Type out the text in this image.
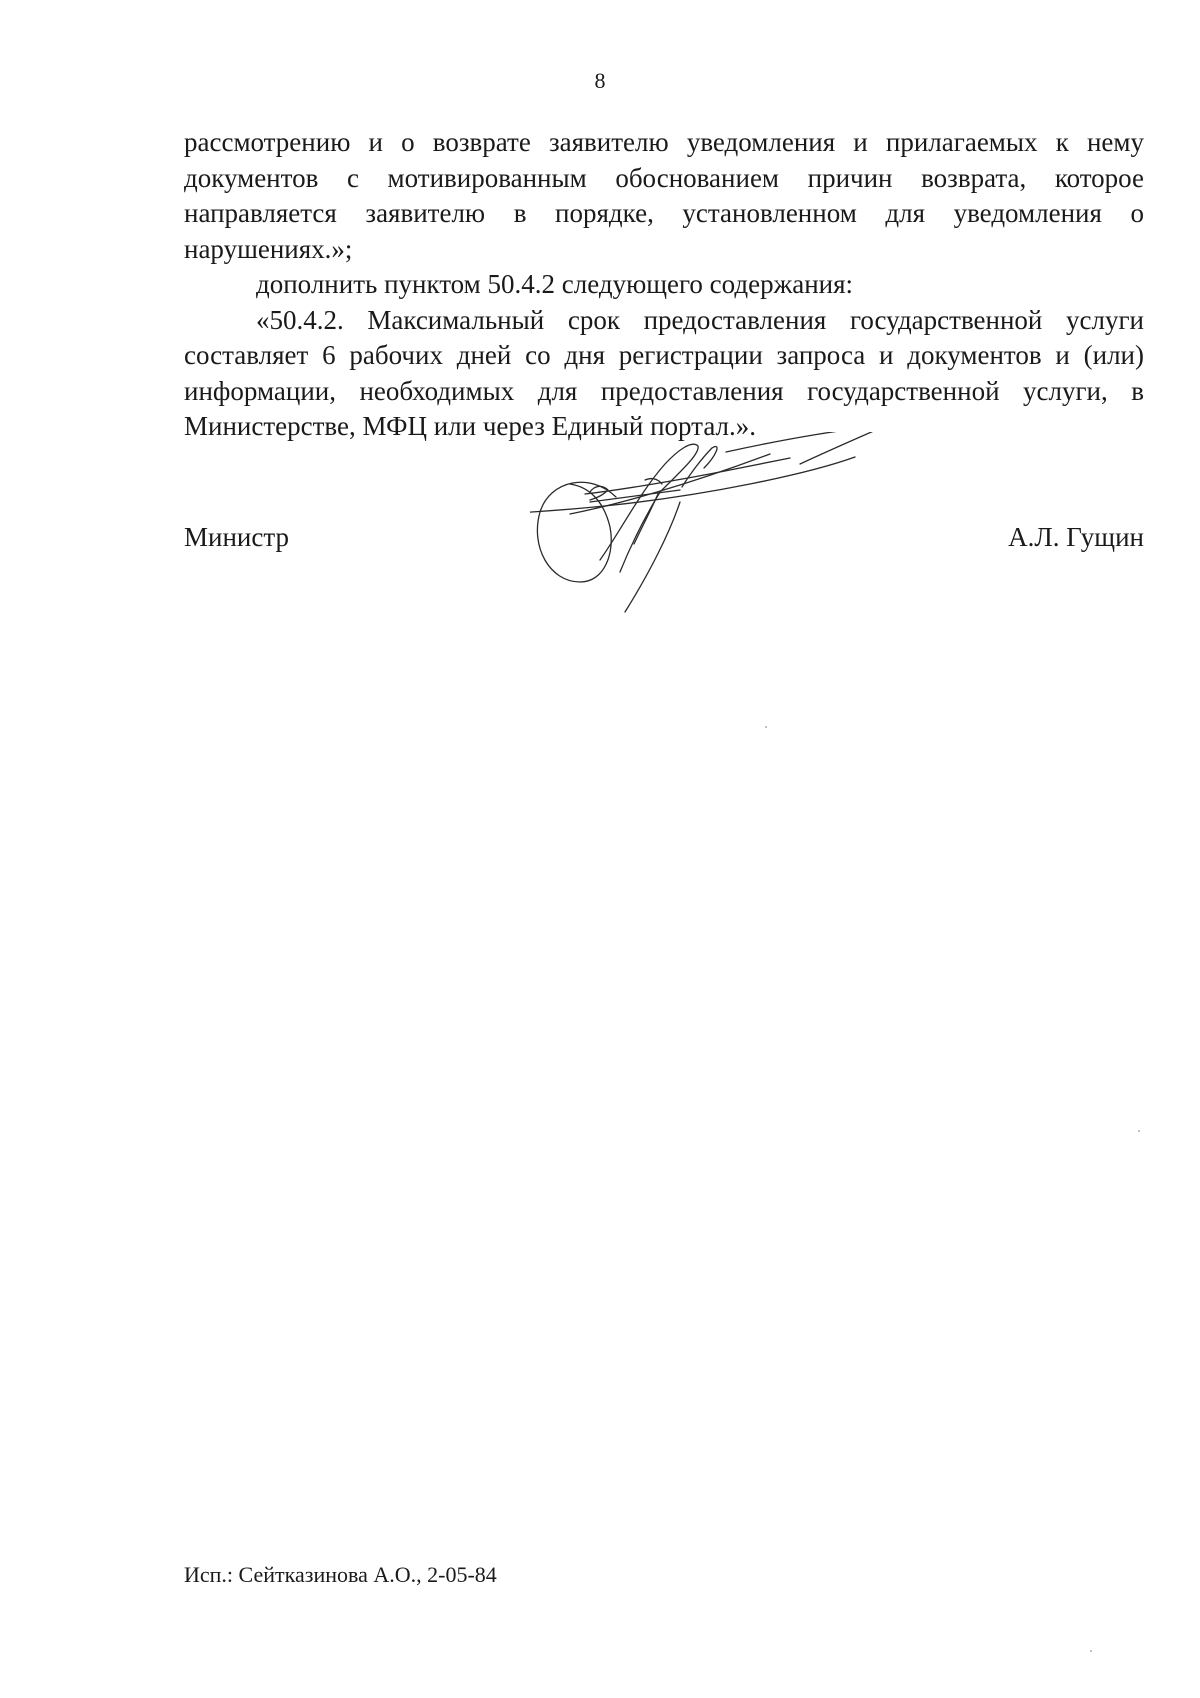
8

рассмотрению и о возврате заявителю уведомления и прилагаемых к нему документов с мотивированным обоснованием причин возврата, которое направляется заявителю в порядке, установленном для уведомления о нарушениях.»;

дополнить пунктом 50.4.2 следующего содержания:

«50.4.2. Максимальный срок предоставления государственной услуги составляет 6 рабочих дней со дня регистрации запроса и документов и (или) информации, необходимых для предоставления государственной услуги, в Министерстве, МФЦ или через Единый портал.».

Министр	А.Л. Гущин
Исп.: Сейтказинова А.О., 2-05-84
